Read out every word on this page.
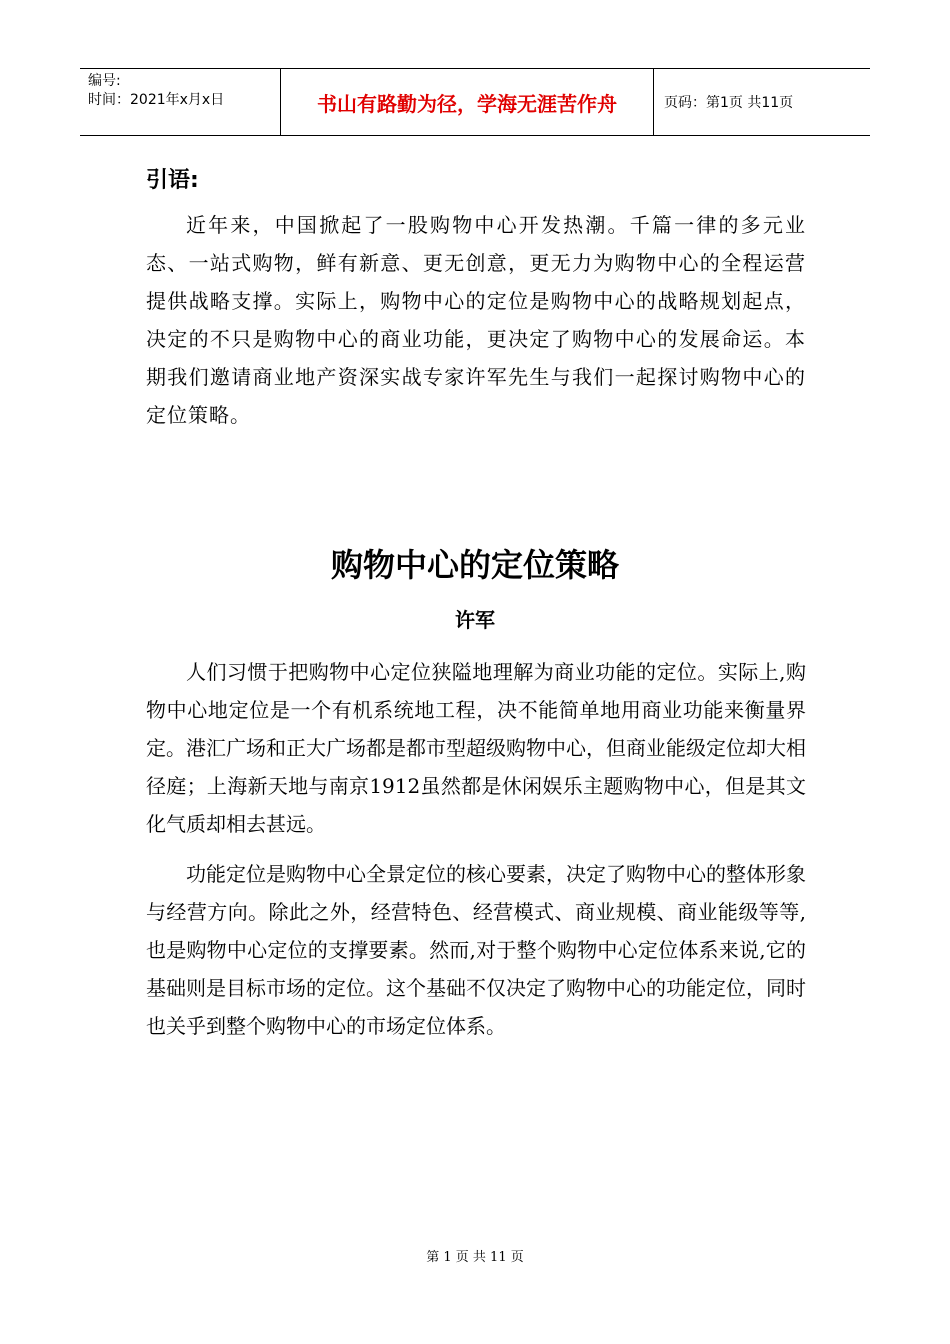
编号:
时间：2021年x月x日	书山有路勤为径，学海无涯苦作舟	页码：第1页 共11页
引语:

近年来，中国掀起了一股购物中心开发热潮。千篇一律的多元业态、一站式购物，鲜有新意、更无创意，更无力为购物中心的全程运营提供战略支撑。实际上，购物中心的定位是购物中心的战略规划起点，决定的不只是购物中心的商业功能，更决定了购物中心的发展命运。本期我们邀请商业地产资深实战专家许军先生与我们一起探讨购物中心的定位策略。

购物中心的定位策略
许军

人们习惯于把购物中心定位狭隘地理解为商业功能的定位。实际上,购物中心地定位是一个有机系统地工程，决不能简单地用商业功能来衡量界定。港汇广场和正大广场都是都市型超级购物中心，但商业能级定位却大相径庭；上海新天地与南京1912虽然都是休闲娱乐主题购物中心，但是其文化气质却相去甚远。

功能定位是购物中心全景定位的核心要素，决定了购物中心的整体形象与经营方向。除此之外，经营特色、经营模式、商业规模、商业能级等等,也是购物中心定位的支撑要素。然而,对于整个购物中心定位体系来说,它的基础则是目标市场的定位。这个基础不仅决定了购物中心的功能定位，同时也关乎到整个购物中心的市场定位体系。

第 1 页 共 11 页
